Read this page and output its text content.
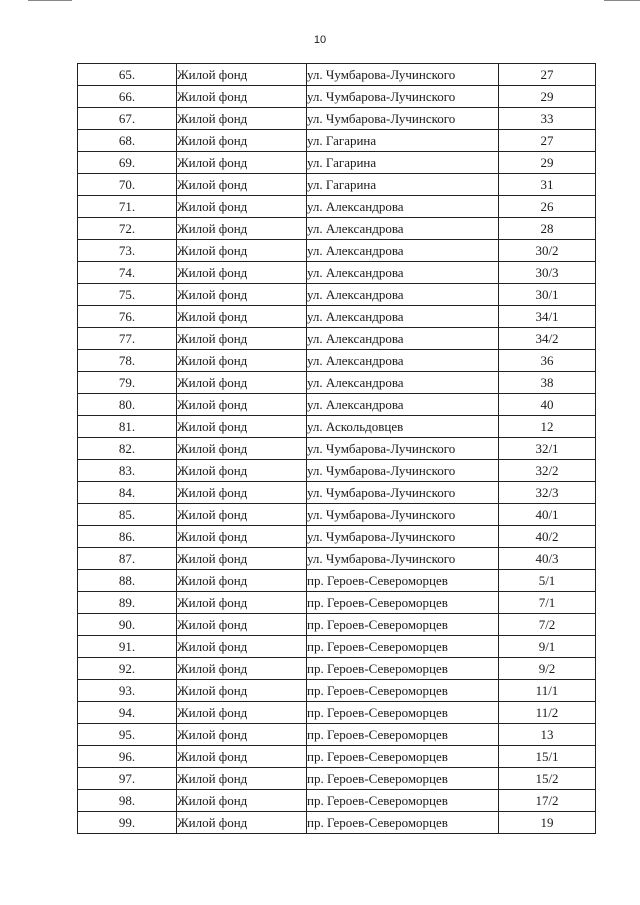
10
65.	Жилой фонд	ул. Чумбарова-Лучинского	27
66.	Жилой фонд	ул. Чумбарова-Лучинского	29
67.	Жилой фонд	ул. Чумбарова-Лучинского	33
68.	Жилой фонд	ул. Гагарина	27
69.	Жилой фонд	ул. Гагарина	29
70.	Жилой фонд	ул. Гагарина	31
71.	Жилой фонд	ул. Александрова	26
72.	Жилой фонд	ул. Александрова	28
73.	Жилой фонд	ул. Александрова	30/2
74.	Жилой фонд	ул. Александрова	30/3
75.	Жилой фонд	ул. Александрова	30/1
76.	Жилой фонд	ул. Александрова	34/1
77.	Жилой фонд	ул. Александрова	34/2
78.	Жилой фонд	ул. Александрова	36
79.	Жилой фонд	ул. Александрова	38
80.	Жилой фонд	ул. Александрова	40
81.	Жилой фонд	ул. Аскольдовцев	12
82.	Жилой фонд	ул. Чумбарова-Лучинского	32/1
83.	Жилой фонд	ул. Чумбарова-Лучинского	32/2
84.	Жилой фонд	ул. Чумбарова-Лучинского	32/3
85.	Жилой фонд	ул. Чумбарова-Лучинского	40/1
86.	Жилой фонд	ул. Чумбарова-Лучинского	40/2
87.	Жилой фонд	ул. Чумбарова-Лучинского	40/3
88.	Жилой фонд	пр. Героев-Североморцев	5/1
89.	Жилой фонд	пр. Героев-Североморцев	7/1
90.	Жилой фонд	пр. Героев-Североморцев	7/2
91.	Жилой фонд	пр. Героев-Североморцев	9/1
92.	Жилой фонд	пр. Героев-Североморцев	9/2
93.	Жилой фонд	пр. Героев-Североморцев	11/1
94.	Жилой фонд	пр. Героев-Североморцев	11/2
95.	Жилой фонд	пр. Героев-Североморцев	13
96.	Жилой фонд	пр. Героев-Североморцев	15/1
97.	Жилой фонд	пр. Героев-Североморцев	15/2
98.	Жилой фонд	пр. Героев-Североморцев	17/2
99.	Жилой фонд	пр. Героев-Североморцев	19
